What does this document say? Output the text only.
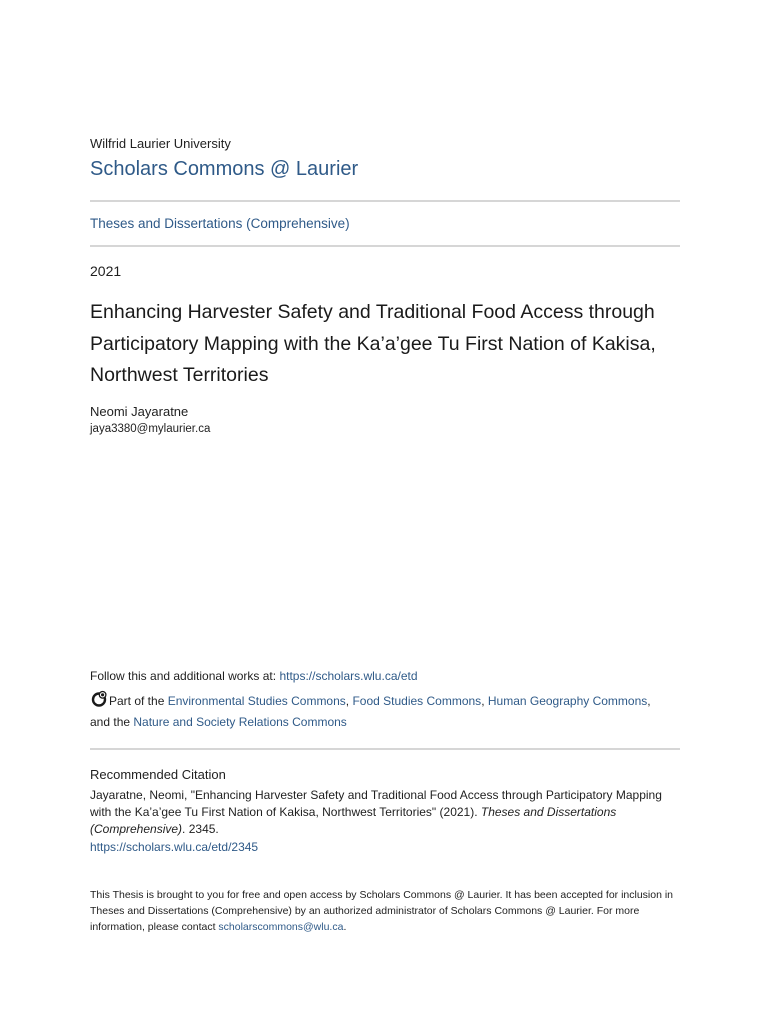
Wilfrid Laurier University
Scholars Commons @ Laurier
Theses and Dissertations (Comprehensive)
2021
Enhancing Harvester Safety and Traditional Food Access through Participatory Mapping with the Ka’a’gee Tu First Nation of Kakisa, Northwest Territories
Neomi Jayaratne
jaya3380@mylaurier.ca
Follow this and additional works at: https://scholars.wlu.ca/etd
Part of the Environmental Studies Commons, Food Studies Commons, Human Geography Commons,
and the Nature and Society Relations Commons
Recommended Citation
Jayaratne, Neomi, "Enhancing Harvester Safety and Traditional Food Access through Participatory Mapping with the Ka’a’gee Tu First Nation of Kakisa, Northwest Territories" (2021). Theses and Dissertations (Comprehensive). 2345.
https://scholars.wlu.ca/etd/2345
This Thesis is brought to you for free and open access by Scholars Commons @ Laurier. It has been accepted for inclusion in Theses and Dissertations (Comprehensive) by an authorized administrator of Scholars Commons @ Laurier. For more information, please contact scholarscommons@wlu.ca.
